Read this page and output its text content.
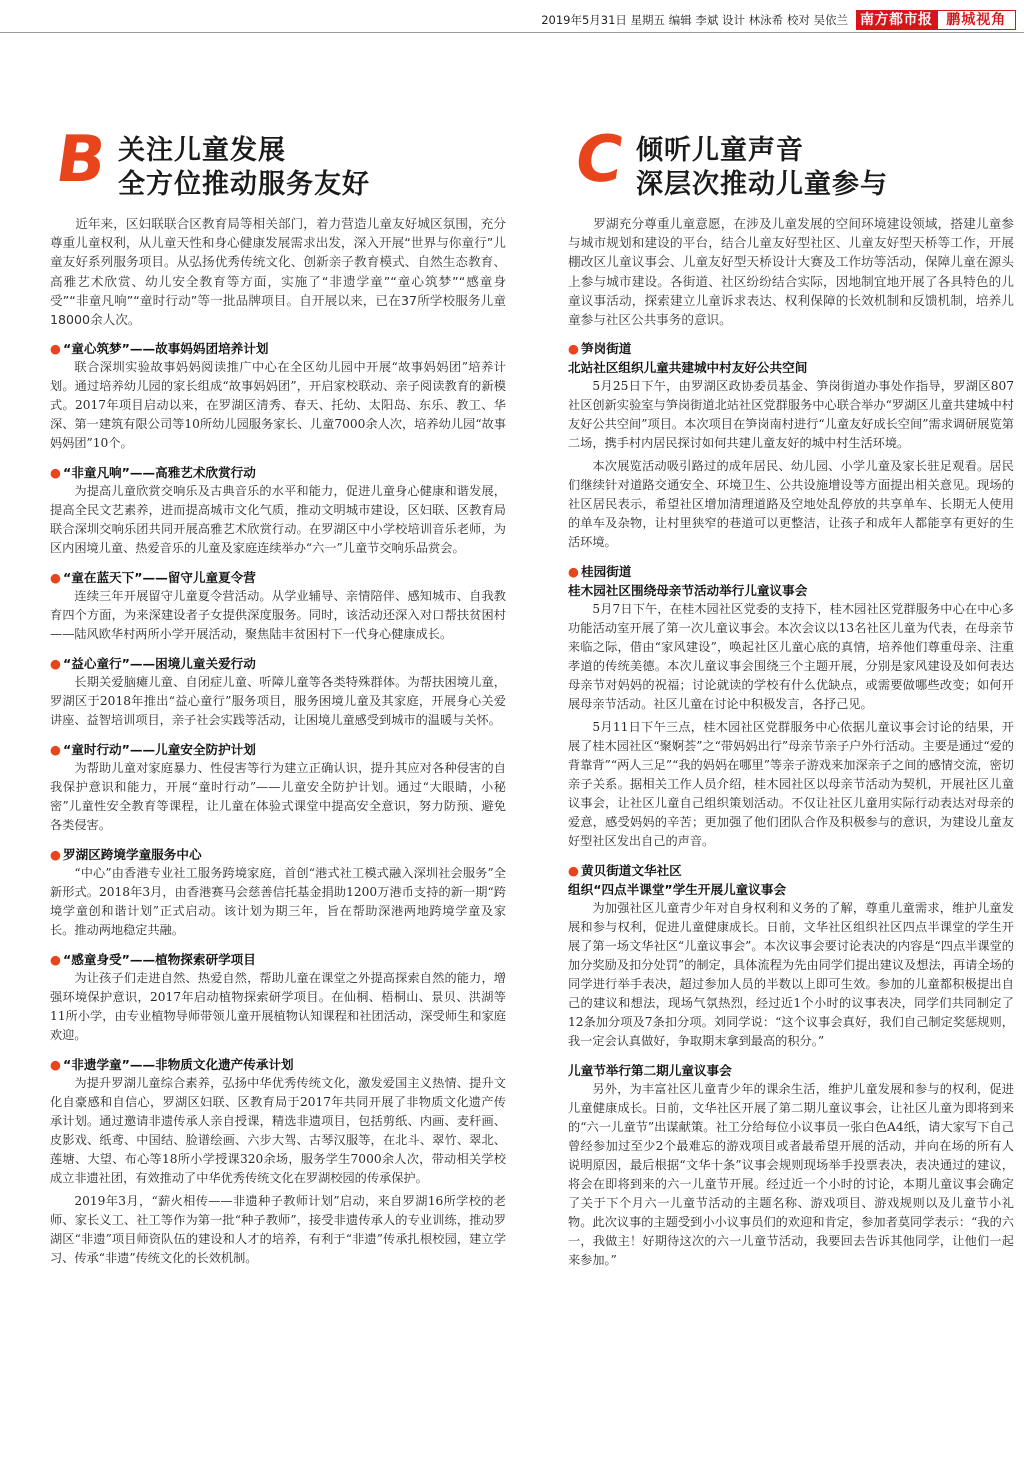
2019年5月31日 星期五 编辑 李斌 设计 林泳希 校对 吴依兰 南方都市报 鹏城视角
B 关注儿童发展
全方位推动服务友好

近年来，区妇联联合区教育局等相关部门，着力营造儿童友好城区氛围，充分尊重儿童权利，从儿童天性和身心健康发展需求出发，深入开展“世界与你童行”儿童友好系列服务项目。从弘扬优秀传统文化、创新亲子教育模式、自然生态教育、高雅艺术欣赏、幼儿安全教育等方面，实施了“非遗学童”“童心筑梦”“感童身受”“非童凡响”“童时行动”等一批品牌项目。自开展以来，已在37所学校服务儿童18000余人次。

● “童心筑梦”——故事妈妈团培养计划

联合深圳实验故事妈妈阅读推广中心在全区幼儿园中开展“故事妈妈团”培养计划。通过培养幼儿园的家长组成“故事妈妈团”，开启家校联动、亲子阅读教育的新模式。2017年项目启动以来，在罗湖区清秀、春天、托幼、太阳岛、东乐、教工、华深、第一建筑有限公司等10所幼儿园服务家长、儿童7000余人次，培养幼儿园“故事妈妈团”10个。

● “非童凡响”——高雅艺术欣赏行动

为提高儿童欣赏交响乐及古典音乐的水平和能力，促进儿童身心健康和谐发展，提高全民文艺素养，进而提高城市文化气质，推动文明城市建设，区妇联、区教育局联合深圳交响乐团共同开展高雅艺术欣赏行动。在罗湖区中小学校培训音乐老师，为区内困境儿童、热爱音乐的儿童及家庭连续举办“六一”儿童节交响乐品赏会。

● “童在蓝天下”——留守儿童夏令营

连续三年开展留守儿童夏令营活动。从学业辅导、亲情陪伴、感知城市、自我教育四个方面，为来深建设者子女提供深度服务。同时，该活动还深入对口帮扶贫困村——陆风欧华村两所小学开展活动，聚焦陆丰贫困村下一代身心健康成长。

● “益心童行”——困境儿童关爱行动

长期关爱脑瘫儿童、自闭症儿童、听障儿童等各类特殊群体。为帮扶困境儿童，罗湖区于2018年推出“益心童行”服务项目，服务困境儿童及其家庭，开展身心关爱讲座、益智培训项目，亲子社会实践等活动，让困境儿童感受到城市的温暖与关怀。

● “童时行动”——儿童安全防护计划

为帮助儿童对家庭暴力、性侵害等行为建立正确认识，提升其应对各种侵害的自我保护意识和能力，开展“童时行动”——儿童安全防护计划。通过“大眼睛，小秘密”儿童性安全教育等课程，让儿童在体验式课堂中提高安全意识，努力防预、避免各类侵害。

● 罗湖区跨境学童服务中心

“中心”由香港专业社工服务跨境家庭，首创“港式社工模式融入深圳社会服务”全新形式。2018年3月，由香港赛马会慈善信托基金捐助1200万港币支持的新一期“跨境学童创和谐计划”正式启动。该计划为期三年，旨在帮助深港两地跨境学童及家长。推动两地稳定共融。

● “感童身受”——植物探索研学项目

为让孩子们走进自然、热爱自然，帮助儿童在课堂之外提高探索自然的能力，增强环境保护意识，2017年启动植物探索研学项目。在仙桐、梧桐山、景贝、洪湖等11所小学，由专业植物导师带领儿童开展植物认知课程和社团活动，深受师生和家庭欢迎。

● “非遗学童”——非物质文化遗产传承计划

为提升罗湖儿童综合素养，弘扬中华优秀传统文化，激发爱国主义热情、提升文化自豪感和自信心，罗湖区妇联、区教育局于2017年共同开展了非物质文化遗产传承计划。通过邀请非遗传承人亲自授课，精选非遗项目，包括剪纸、内画、麦秆画、皮影戏、纸鸢、中国结、脸谱绘画、六步大驾、古琴汉服等，在北斗、翠竹、翠北、莲塘、大望、布心等18所小学授课320余场，服务学生7000余人次，带动相关学校成立非遗社团，有效推动了中华优秀传统文化在罗湖校园的传承保护。

2019年3月，“薪火相传——非遗种子教师计划”启动，来自罗湖16所学校的老师、家长义工、社工等作为第一批“种子教师”，接受非遗传承人的专业训练，推动罗湖区“非遗”项目师资队伍的建设和人才的培养，有利于“非遗”传承扎根校园，建立学习、传承“非遗”传统文化的长效机制。

C 倾听儿童声音
深层次推动儿童参与

罗湖充分尊重儿童意愿，在涉及儿童发展的空间环境建设领域，搭建儿童参与城市规划和建设的平台，结合儿童友好型社区、儿童友好型天桥等工作，开展棚改区儿童议事会、儿童友好型天桥设计大赛及工作坊等活动，保障儿童在源头上参与城市建设。各街道、社区纷纷结合实际，因地制宜地开展了各具特色的儿童议事活动，探索建立儿童诉求表达、权利保障的长效机制和反馈机制，培养儿童参与社区公共事务的意识。

● 笋岗街道

北站社区组织儿童共建城中村友好公共空间

5月25日下午，由罗湖区政协委员基金、笋岗街道办事处作指导，罗湖区807社区创新实验室与笋岗街道北站社区党群服务中心联合举办“罗湖区儿童共建城中村友好公共空间”项目。本次项目在笋岗南村进行“儿童友好成长空间”需求调研展览第二场，携手村内居民探讨如何共建儿童友好的城中村生活环境。

本次展览活动吸引路过的成年居民、幼儿园、小学儿童及家长驻足观看。居民们继续针对道路交通安全、环境卫生、公共设施增设等方面提出相关意见。现场的社区居民表示，希望社区增加清理道路及空地处乱停放的共享单车、长期无人使用的单车及杂物，让村里狭窄的巷道可以更整洁，让孩子和成年人都能享有更好的生活环境。

● 桂园街道

桂木园社区围绕母亲节活动举行儿童议事会

5月7日下午，在桂木园社区党委的支持下，桂木园社区党群服务中心在中心多功能活动室开展了第一次儿童议事会。本次会议以13名社区儿童为代表，在母亲节来临之际，借由“家风建设”，唤起社区儿童心底的真情，培养他们尊重母亲、注重孝道的传统美德。本次儿童议事会围绕三个主题开展，分别是家风建设及如何表达母亲节对妈妈的祝福；讨论就读的学校有什么优缺点，或需要做哪些改变；如何开展母亲节活动。社区儿童在讨论中积极发言，各抒己见。

5月11日下午三点，桂木园社区党群服务中心依据儿童议事会讨论的结果，开展了桂木园社区“聚婀荟”之“带妈妈出行”母亲节亲子户外行活动。主要是通过“爱的背靠背”“两人三足”“我的妈妈在哪里”等亲子游戏来加深亲子之间的感情交流，密切亲子关系。据相关工作人员介绍，桂木园社区以母亲节活动为契机，开展社区儿童议事会，让社区儿童自己组织策划活动。不仅让社区儿童用实际行动表达对母亲的爱意，感受妈妈的辛苦；更加强了他们团队合作及积极参与的意识，为建设儿童友好型社区发出自己的声音。

● 黄贝街道文华社区

组织“四点半课堂”学生开展儿童议事会

为加强社区儿童青少年对自身权利和义务的了解，尊重儿童需求，维护儿童发展和参与权利，促进儿童健康成长。日前，文华社区组织社区四点半课堂的学生开展了第一场文华社区“儿童议事会”。本次议事会要讨论表决的内容是“四点半课堂的加分奖励及扣分处罚”的制定，具体流程为先由同学们提出建议及想法，再请全场的同学进行举手表决，超过参加人员的半数以上即可生效。参加的儿童都积极提出自己的建议和想法，现场气氛热烈，经过近1个小时的议事表决，同学们共同制定了12条加分项及7条扣分项。刘同学说：“这个议事会真好，我们自己制定奖惩规则，我一定会认真做好，争取期末拿到最高的积分。”

儿童节举行第二期儿童议事会

另外，为丰富社区儿童青少年的课余生活，维护儿童发展和参与的权利，促进儿童健康成长。日前，文华社区开展了第二期儿童议事会，让社区儿童为即将到来的“六一儿童节”出谋献策。社工分给每位小议事员一张白色A4纸，请大家写下自己曾经参加过至少2个最难忘的游戏项目或者最希望开展的活动，并向在场的所有人说明原因，最后根据“文华十条”议事会规则现场举手投票表决，表决通过的建议，将会在即将到来的六一儿童节开展。经过近一个小时的讨论，本期儿童议事会确定了关于下个月六一儿童节活动的主题名称、游戏项目、游戏规则以及儿童节小礼物。此次议事的主题受到小小议事员们的欢迎和肯定，参加者莫同学表示：“我的六一，我做主！好期待这次的六一儿童节活动，我要回去告诉其他同学，让他们一起来参加。”
